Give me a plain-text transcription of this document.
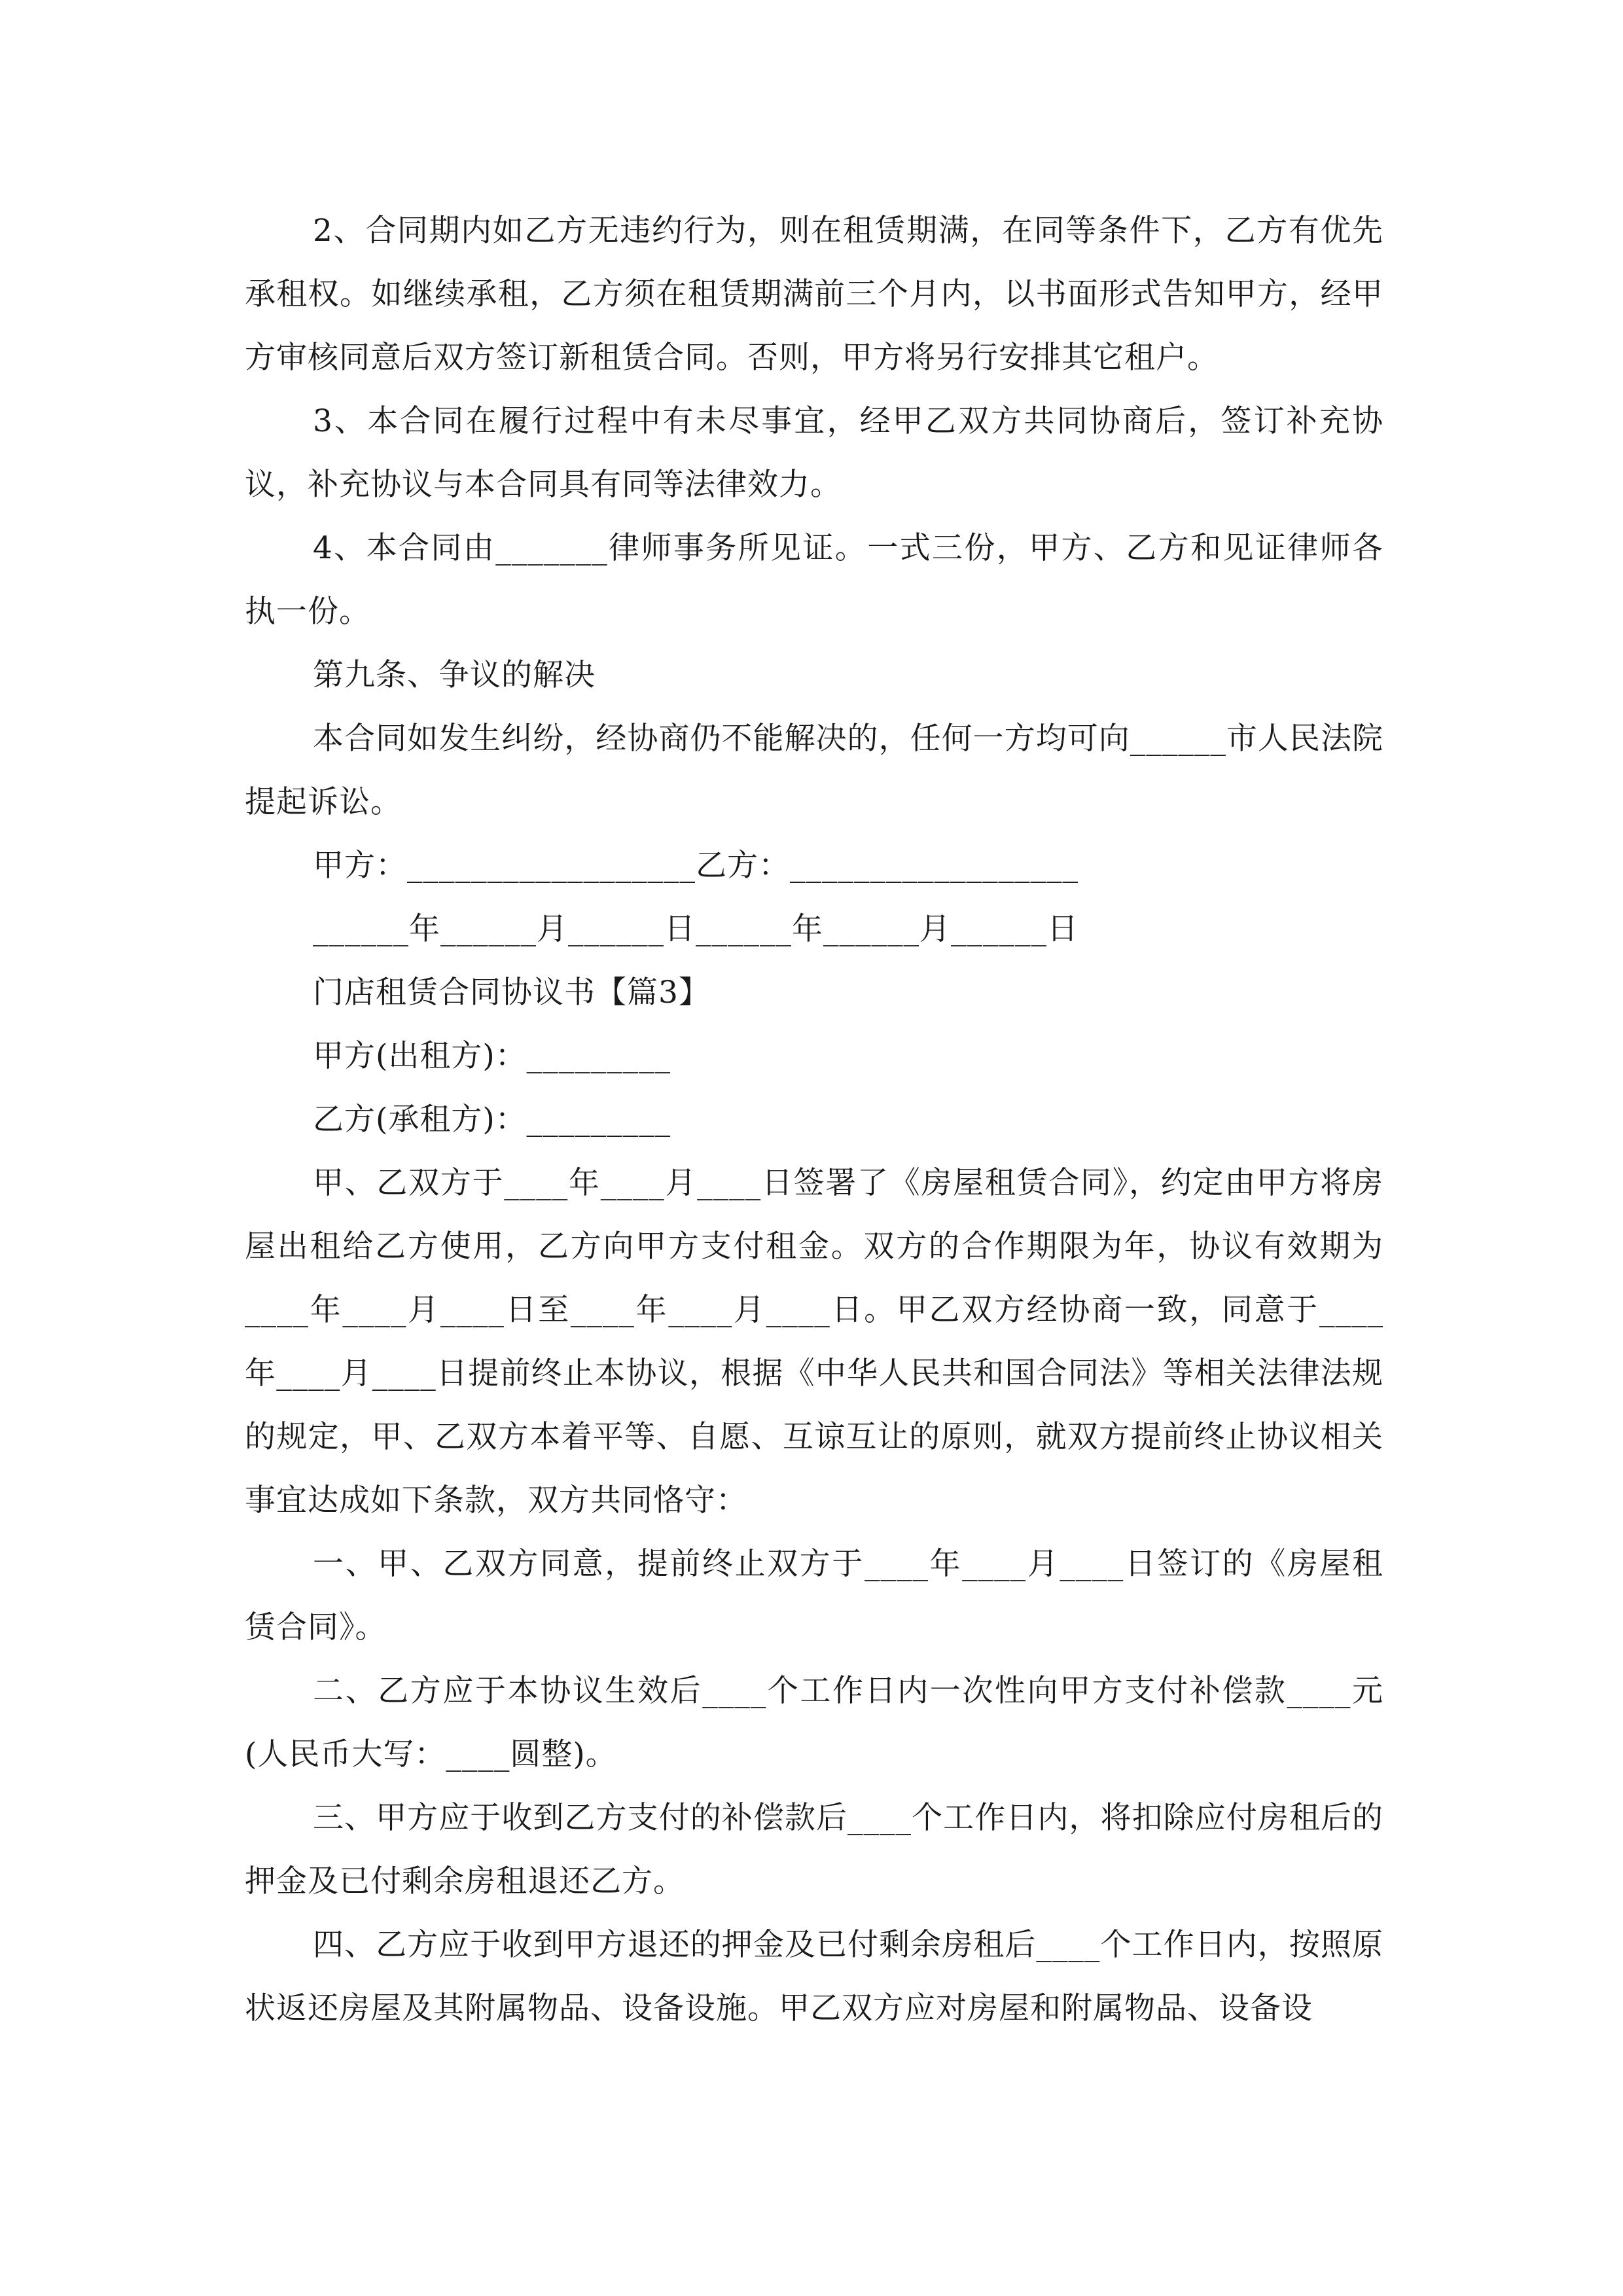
2、合同期内如乙方无违约行为，则在租赁期满，在同等条件下，乙方有优先承租权。如继续承租，乙方须在租赁期满前三个月内，以书面形式告知甲方，经甲方审核同意后双方签订新租赁合同。否则，甲方将另行安排其它租户。

3、本合同在履行过程中有未尽事宜，经甲乙双方共同协商后，签订补充协议，补充协议与本合同具有同等法律效力。

4、本合同由_______律师事务所见证。一式三份，甲方、乙方和见证律师各执一份。

第九条、争议的解决

本合同如发生纠纷，经协商仍不能解决的，任何一方均可向______市人民法院提起诉讼。

甲方：__________________乙方：__________________

______年______月______日______年______月______日

门店租赁合同协议书【篇3】

甲方(出租方)：_________

乙方(承租方)：_________

甲、乙双方于____年____月____日签署了《房屋租赁合同》，约定由甲方将房屋出租给乙方使用，乙方向甲方支付租金。双方的合作期限为年，协议有效期为____年____月____日至____年____月____日。甲乙双方经协商一致，同意于____年____月____日提前终止本协议，根据《中华人民共和国合同法》等相关法律法规的规定，甲、乙双方本着平等、自愿、互谅互让的原则，就双方提前终止协议相关事宜达成如下条款，双方共同恪守：

一、甲、乙双方同意，提前终止双方于____年____月____日签订的《房屋租赁合同》。

二、乙方应于本协议生效后____个工作日内一次性向甲方支付补偿款____元(人民币大写：____圆整)。

三、甲方应于收到乙方支付的补偿款后____个工作日内，将扣除应付房租后的押金及已付剩余房租退还乙方。

四、乙方应于收到甲方退还的押金及已付剩余房租后____个工作日内，按照原状返还房屋及其附属物品、设备设施。甲乙双方应对房屋和附属物品、设备设
